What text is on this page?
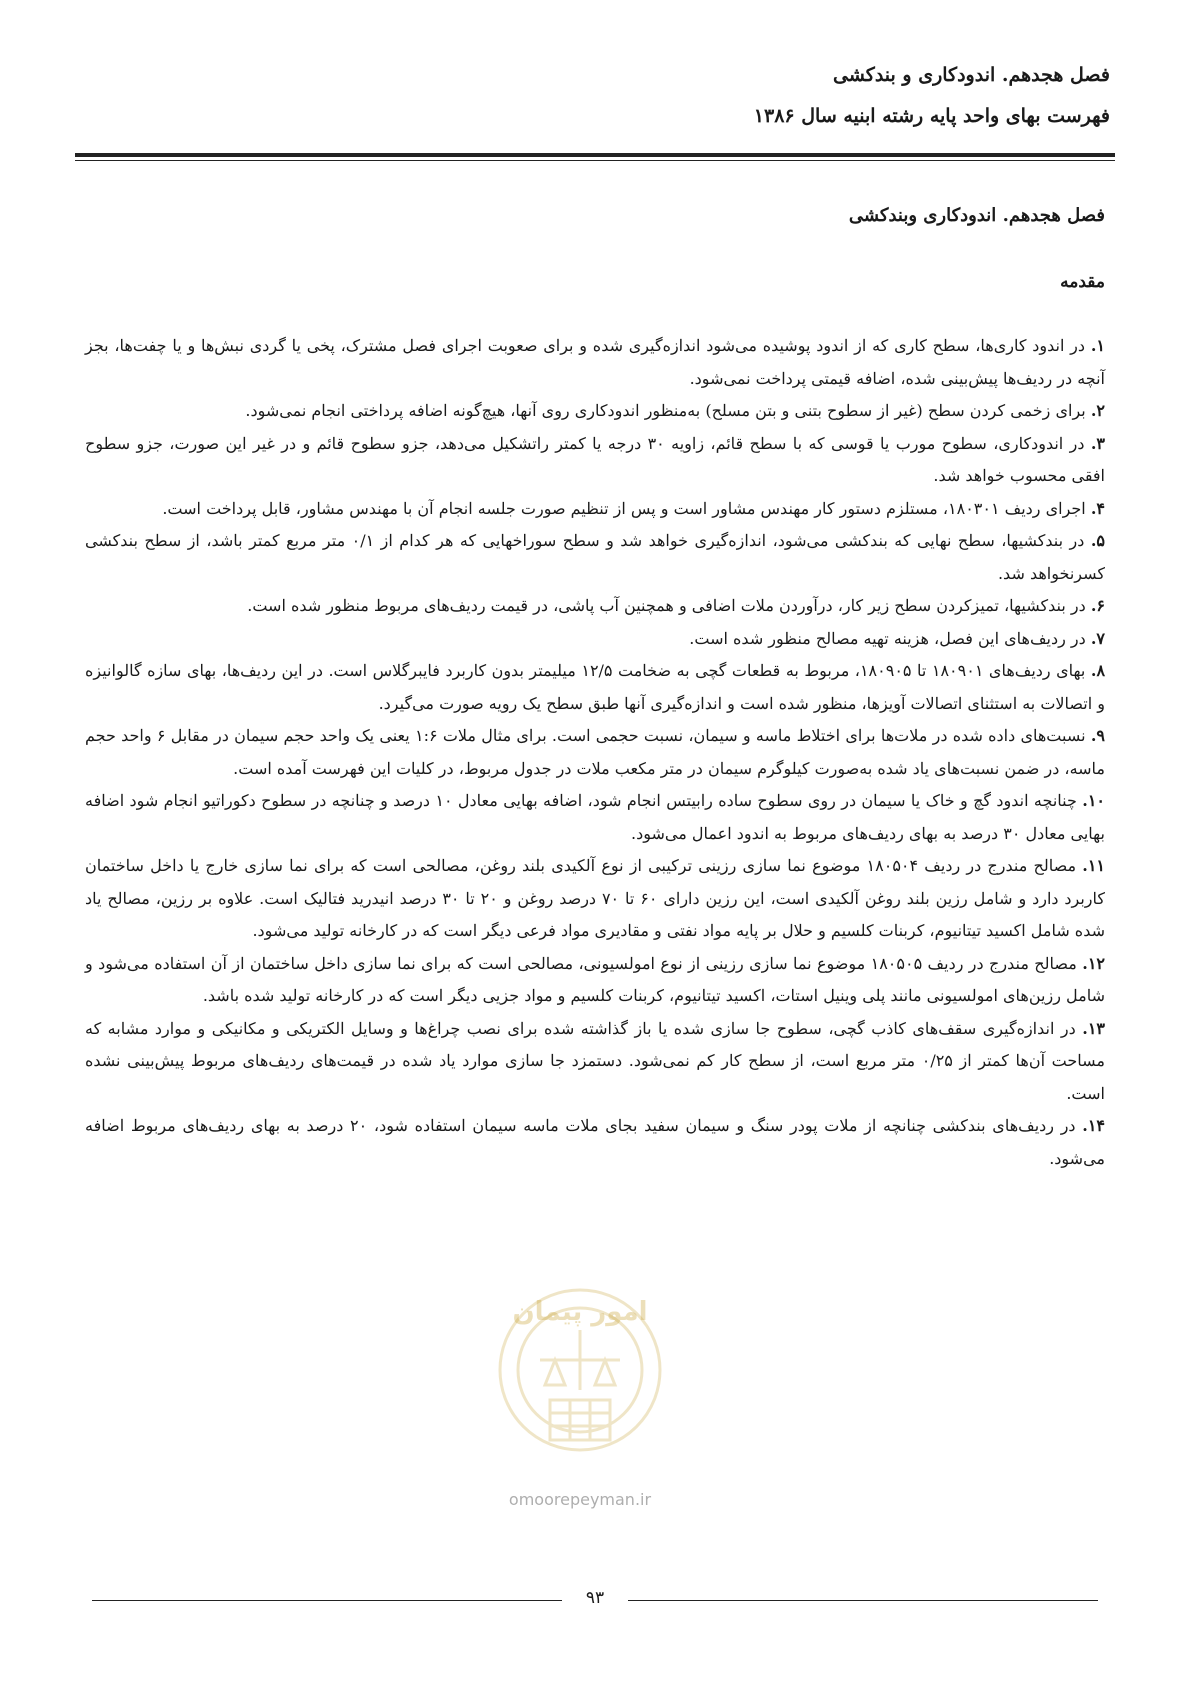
فصل هجدهم. اندودکاری و بندکشی
فهرست بهای واحد پایه رشته ابنیه سال ۱۳۸۶
فصل هجدهم. اندودکاری وبندکشی
مقدمه

۱. در اندود کاری‌ها، سطح کاری که از اندود پوشیده می‌شود اندازه‌گیری شده و برای صعوبت اجرای فصل مشترک، پخی یا گردی نبش‌ها و یا چفت‌ها، بجز آنچه در ردیف‌ها پیش‌بینی شده، اضافه قیمتی پرداخت نمی‌شود.

۲. برای زخمی کردن سطح (غیر از سطوح بتنی و بتن مسلح) به‌منظور اندودکاری روی آنها، هیچ‌گونه اضافه پرداختی انجام نمی‌شود.

۳. در اندودکاری، سطوح مورب یا قوسی که با سطح قائم، زاویه ۳۰ درجه یا کمتر راتشکیل می‌دهد، جزو سطوح قائم و در غیر این صورت، جزو سطوح افقی محسوب خواهد شد.

۴. اجرای ردیف ۱۸۰۳۰۱، مستلزم دستور کار مهندس مشاور است و پس از تنظیم صورت جلسه انجام آن با مهندس مشاور، قابل پرداخت است.

۵. در بندکشیها، سطح نهایی که بندکشی می‌شود، اندازه‌گیری خواهد شد و سطح سوراخهایی که هر کدام از ۰/۱ متر مربع کمتر باشد، از سطح بندکشی کسرنخواهد شد.

۶. در بندکشیها، تمیزکردن سطح زیر کار، درآوردن ملات اضافی و همچنین آب پاشی، در قیمت ردیف‌های مربوط منظور شده است.

۷. در ردیف‌های این فصل، هزینه تهیه مصالح منظور شده است.

۸. بهای ردیف‌های ۱۸۰۹۰۱ تا ۱۸۰۹۰۵، مربوط به قطعات گچی به ضخامت ۱۲/۵ میلیمتر بدون کاربرد فایبرگلاس است. در این ردیف‌ها، بهای سازه گالوانیزه و اتصالات به استثنای اتصالات آویزها، منظور شده است و اندازه‌گیری آنها طبق سطح یک رویه صورت می‌گیرد.

۹. نسبت‌های داده شده در ملات‌ها برای اختلاط ماسه و سیمان، نسبت حجمی است. برای مثال ملات ۱:۶ یعنی یک واحد حجم سیمان در مقابل ۶ واحد حجم ماسه، در ضمن نسبت‌های یاد شده به‌صورت کیلوگرم سیمان در متر مکعب ملات در جدول مربوط، در کلیات این فهرست آمده است.

۱۰. چنانچه اندود گچ و خاک یا سیمان در روی سطوح ساده رابیتس انجام شود، اضافه بهایی معادل ۱۰ درصد و چنانچه در سطوح دکوراتیو انجام شود اضافه بهایی معادل ۳۰ درصد به بهای ردیف‌های مربوط به اندود اعمال می‌شود.

۱۱. مصالح مندرج در ردیف ۱۸۰۵۰۴ موضوع نما سازی رزینی ترکیبی از نوع آلکیدی بلند روغن، مصالحی است که برای نما سازی خارج یا داخل ساختمان کاربرد دارد و شامل رزین بلند روغن آلکیدی است، این رزین دارای ۶۰ تا ۷۰ درصد روغن و ۲۰ تا ۳۰ درصد انیدرید فتالیک است. علاوه بر رزین، مصالح یاد شده شامل اکسید تیتانیوم، کربنات کلسیم و حلال بر پایه مواد نفتی و مقادیری مواد فرعی دیگر است که در کارخانه تولید می‌شود.

۱۲. مصالح مندرج در ردیف ۱۸۰۵۰۵ موضوع نما سازی رزینی از نوع امولسیونی، مصالحی است که برای نما سازی داخل ساختمان از آن استفاده می‌شود و شامل رزین‌های امولسیونی مانند پلی وینیل استات، اکسید تیتانیوم، کربنات کلسیم و مواد جزیی دیگر است که در کارخانه تولید شده باشد.

۱۳. در اندازه‌گیری سقف‌های کاذب گچی، سطوح جا سازی شده یا باز گذاشته شده برای نصب چراغ‌ها و وسایل الکتریکی و مکانیکی و موارد مشابه که مساحت آن‌ها کمتر از ۰/۲۵ متر مربع است، از سطح کار کم نمی‌شود. دستمزد جا سازی موارد یاد شده در قیمت‌های ردیف‌های مربوط پیش‌بینی نشده است.

۱۴. در ردیف‌های بندکشی چنانچه از ملات پودر سنگ و سیمان سفید بجای ملات ماسه سیمان استفاده شود، ۲۰ درصد به بهای ردیف‌های مربوط اضافه می‌شود.

امور پیمان
omoorepeyman.ir
۹۳
